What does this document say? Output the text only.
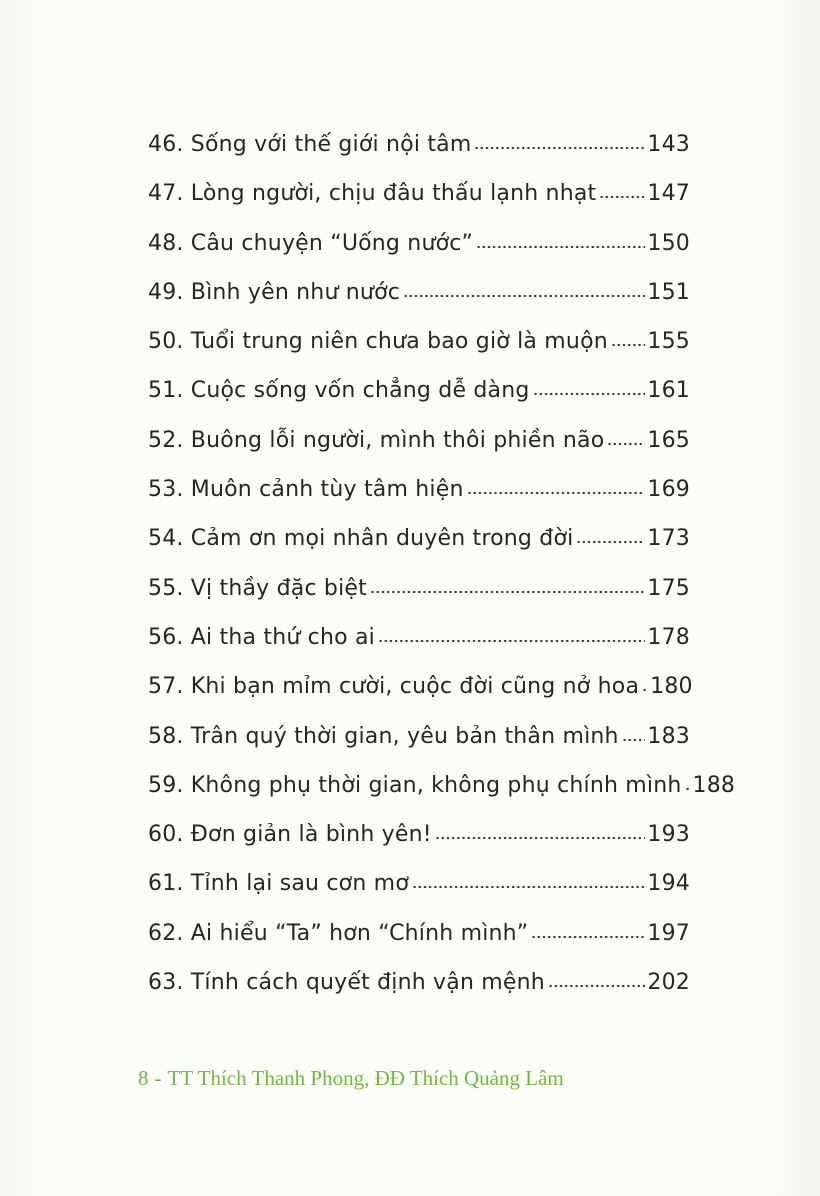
46. Sống với thế giới nội tâm	143
47. Lòng người, chịu đâu thấu lạnh nhạt 147
48. Câu chuyện “Uống nước”	150
49. Bình yên như nước	151
50. Tuổi trung niên chưa bao giờ là muộn 155
51. Cuộc sống vốn chẳng dễ dàng	161
52. Buông lỗi người, mình thôi phiền não 165
53. Muôn cảnh tùy tâm hiện	169
54. Cảm ơn mọi nhân duyên trong đời	173
55. Vị thầy đặc biệt	175
56. Ai tha thứ cho ai	178
57. Khi bạn mỉm cười, cuộc đời cũng nở hoa 180
58. Trân quý thời gian, yêu bản thân mình 183
59. Không phụ thời gian, không phụ chính mình 188
60. Đơn giản là bình yên!	193
61. Tỉnh lại sau cơn mơ	194
62. Ai hiểu “Ta” hơn “Chính mình”	197
63. Tính cách quyết định vận mệnh	202
8 - TT Thích Thanh Phong, ĐĐ Thích Quảng Lâm
